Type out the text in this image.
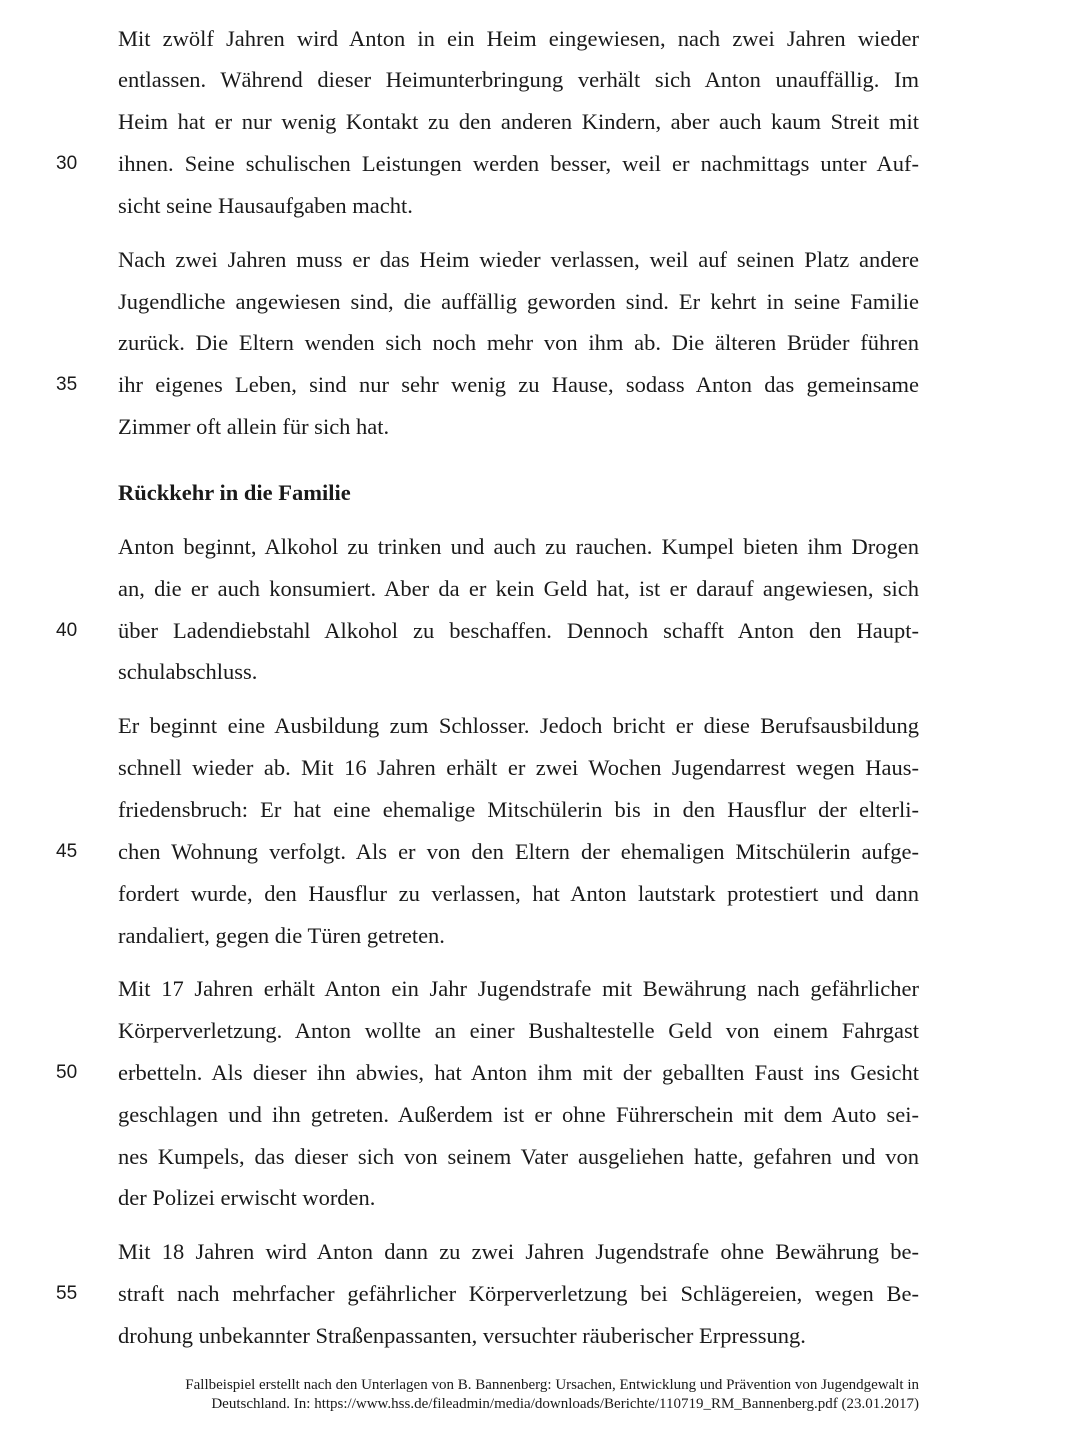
Mit zwölf Jahren wird Anton in ein Heim eingewiesen, nach zwei Jahren wieder
entlassen. Während dieser Heimunterbringung verhält sich Anton unauffällig. Im
Heim hat er nur wenig Kontakt zu den anderen Kindern, aber auch kaum Streit mit
ihnen. Seine schulischen Leistungen werden besser, weil er nachmittags unter Auf-
sicht seine Hausaufgaben macht.
Nach zwei Jahren muss er das Heim wieder verlassen, weil auf seinen Platz andere
Jugendliche angewiesen sind, die auffällig geworden sind. Er kehrt in seine Familie
zurück. Die Eltern wenden sich noch mehr von ihm ab. Die älteren Brüder führen
ihr eigenes Leben, sind nur sehr wenig zu Hause, sodass Anton das gemeinsame
Zimmer oft allein für sich hat.
Rückkehr in die Familie
Anton beginnt, Alkohol zu trinken und auch zu rauchen. Kumpel bieten ihm Drogen
an, die er auch konsumiert. Aber da er kein Geld hat, ist er darauf angewiesen, sich
über Ladendiebstahl Alkohol zu beschaffen. Dennoch schafft Anton den Haupt-
schulabschluss.
Er beginnt eine Ausbildung zum Schlosser. Jedoch bricht er diese Berufsausbildung
schnell wieder ab. Mit 16 Jahren erhält er zwei Wochen Jugendarrest wegen Haus-
friedensbruch: Er hat eine ehemalige Mitschülerin bis in den Hausflur der elterli-
chen Wohnung verfolgt. Als er von den Eltern der ehemaligen Mitschülerin aufge-
fordert wurde, den Hausflur zu verlassen, hat Anton lautstark protestiert und dann
randaliert, gegen die Türen getreten.
Mit 17 Jahren erhält Anton ein Jahr Jugendstrafe mit Bewährung nach gefährlicher
Körperverletzung. Anton wollte an einer Bushaltestelle Geld von einem Fahrgast
erbetteln. Als dieser ihn abwies, hat Anton ihm mit der geballten Faust ins Gesicht
geschlagen und ihn getreten. Außerdem ist er ohne Führerschein mit dem Auto sei-
nes Kumpels, das dieser sich von seinem Vater ausgeliehen hatte, gefahren und von
der Polizei erwischt worden.
Mit 18 Jahren wird Anton dann zu zwei Jahren Jugendstrafe ohne Bewährung be-
straft nach mehrfacher gefährlicher Körperverletzung bei Schlägereien, wegen Be-
drohung unbekannter Straßenpassanten, versuchter räuberischer Erpressung.
30
35
40
45
50
55
Fallbeispiel erstellt nach den Unterlagen von B. Bannenberg: Ursachen, Entwicklung und Prävention von Jugendgewalt in
Deutschland. In: https://www.hss.de/fileadmin/media/downloads/Berichte/110719_RM_Bannenberg.pdf (23.01.2017)
